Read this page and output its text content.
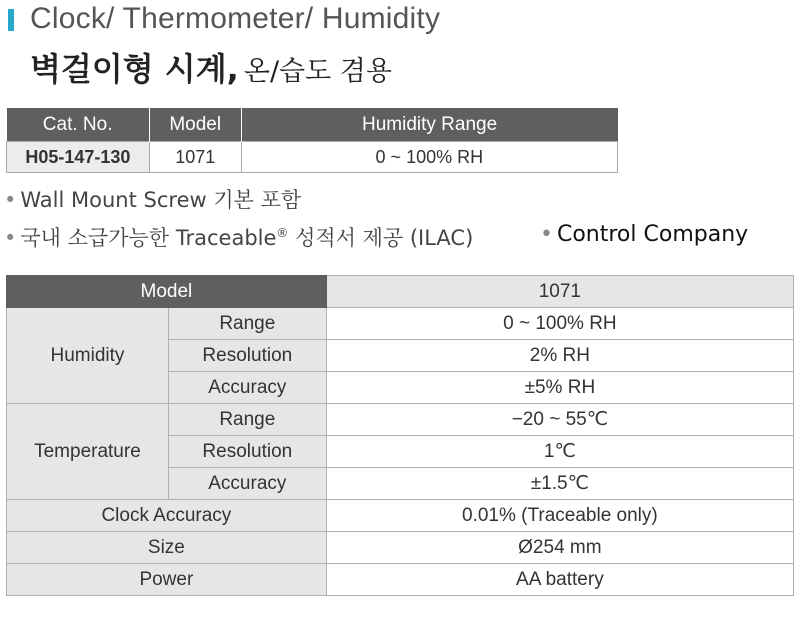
Clock/ Thermometer/ Humidity
벽걸이형 시계, 온/습도 겸용
Cat. No.	Model	Humidity Range
H05-147-130	1071	0 ~ 100% RH
• Wall Mount Screw 기본 포함
• 국내 소급가능한 Traceable® 성적서 제공 (ILAC)	• Control Company
Model		1071
Humidity	Range	0 ~ 100% RH
	Resolution	2% RH
	Accuracy	±5% RH
Temperature	Range	−20 ~ 55℃
	Resolution	1℃
	Accuracy	±1.5℃
Clock Accuracy		0.01% (Traceable only)
Size		Ø254 mm
Power		AA battery
